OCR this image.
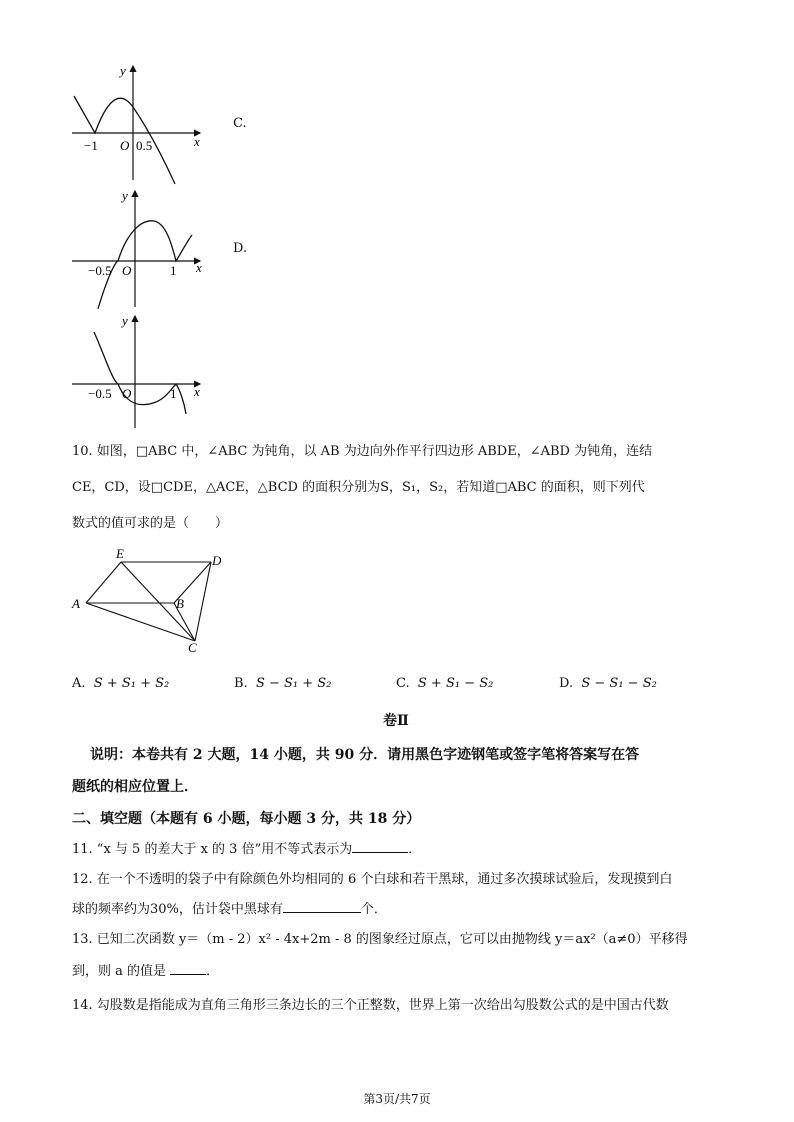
y
x
−1 O 0.5
C.
y
x
−0.5 O	1
D.
y
x
−0.5 O	1
10. 如图，□ABC 中，∠ABC 为钝角，以 AB 为边向外作平行四边形 ABDE，∠ABD 为钝角，连结
CE，CD，设□CDE，△ACE，△BCD 的面积分别为S，S₁，S₂，若知道□ABC 的面积，则下列代
数式的值可求的是（　　）
E	D
A	B
C
A. S + S₁ + S₂	B. S − S₁ + S₂	C. S + S₁ − S₂	D. S − S₁ − S₂
卷Ⅱ
说明：本卷共有 2 大题，14 小题，共 90 分．请用黑色字迹钢笔或签字笔将答案写在答
题纸的相应位置上．
二、填空题（本题有 6 小题，每小题 3 分，共 18 分）
11. “x 与 5 的差大于 x 的 3 倍”用不等式表示为	．
12. 在一个不透明的袋子中有除颜色外均相同的 6 个白球和若干黑球，通过多次摸球试验后，发现摸到白
球的频率约为30%，估计袋中黑球有	个．
13. 已知二次函数 y＝（m - 2）x² - 4x+2m - 8 的图象经过原点，它可以由抛物线 y＝ax²（a≠0）平移得
到，则 a 的值是	．
14. 勾股数是指能成为直角三角形三条边长的三个正整数，世界上第一次给出勾股数公式的是中国古代数
第3页/共7页
